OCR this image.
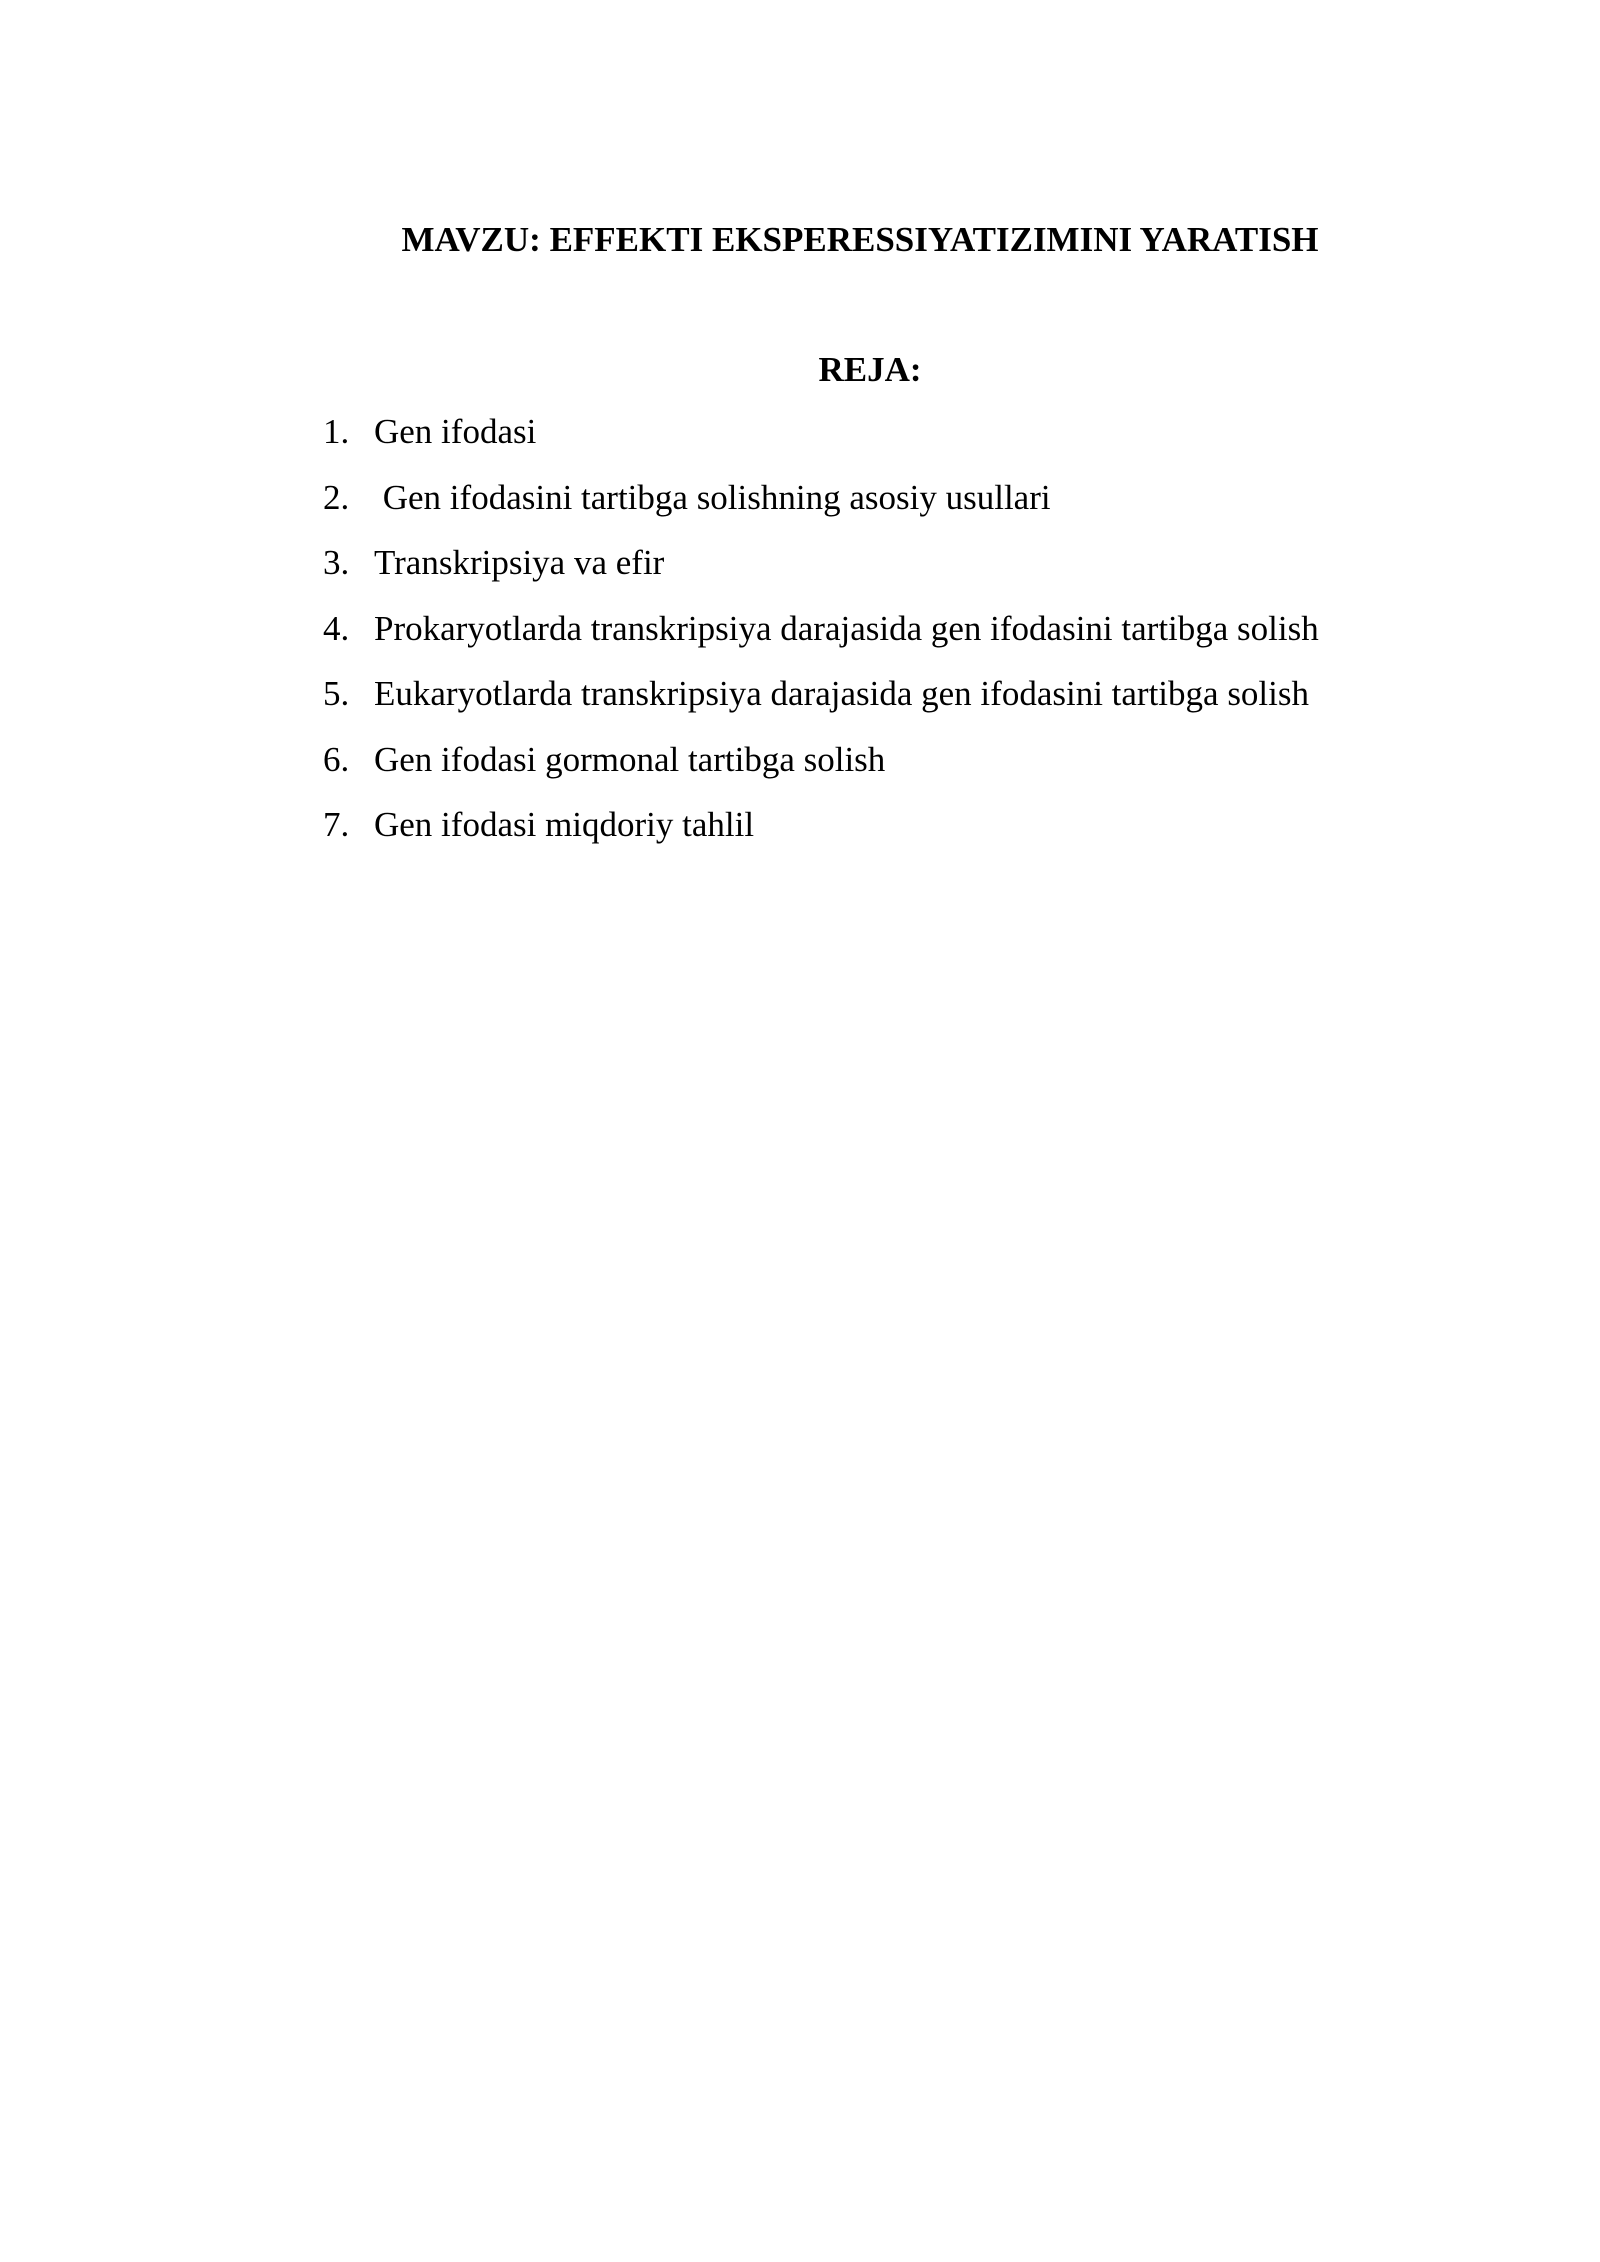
MAVZU: EFFEKTI EKSPERESSIYATIZIMINI YARATISH
REJA:
1. Gen ifodasi
2. Gen ifodasini tartibga solishning asosiy usullari
3. Transkripsiya va efir
4. Prokaryotlarda transkripsiya darajasida gen ifodasini tartibga solish
5. Eukaryotlarda transkripsiya darajasida gen ifodasini tartibga solish
6. Gen ifodasi gormonal tartibga solish
7. Gen ifodasi miqdoriy tahlil
